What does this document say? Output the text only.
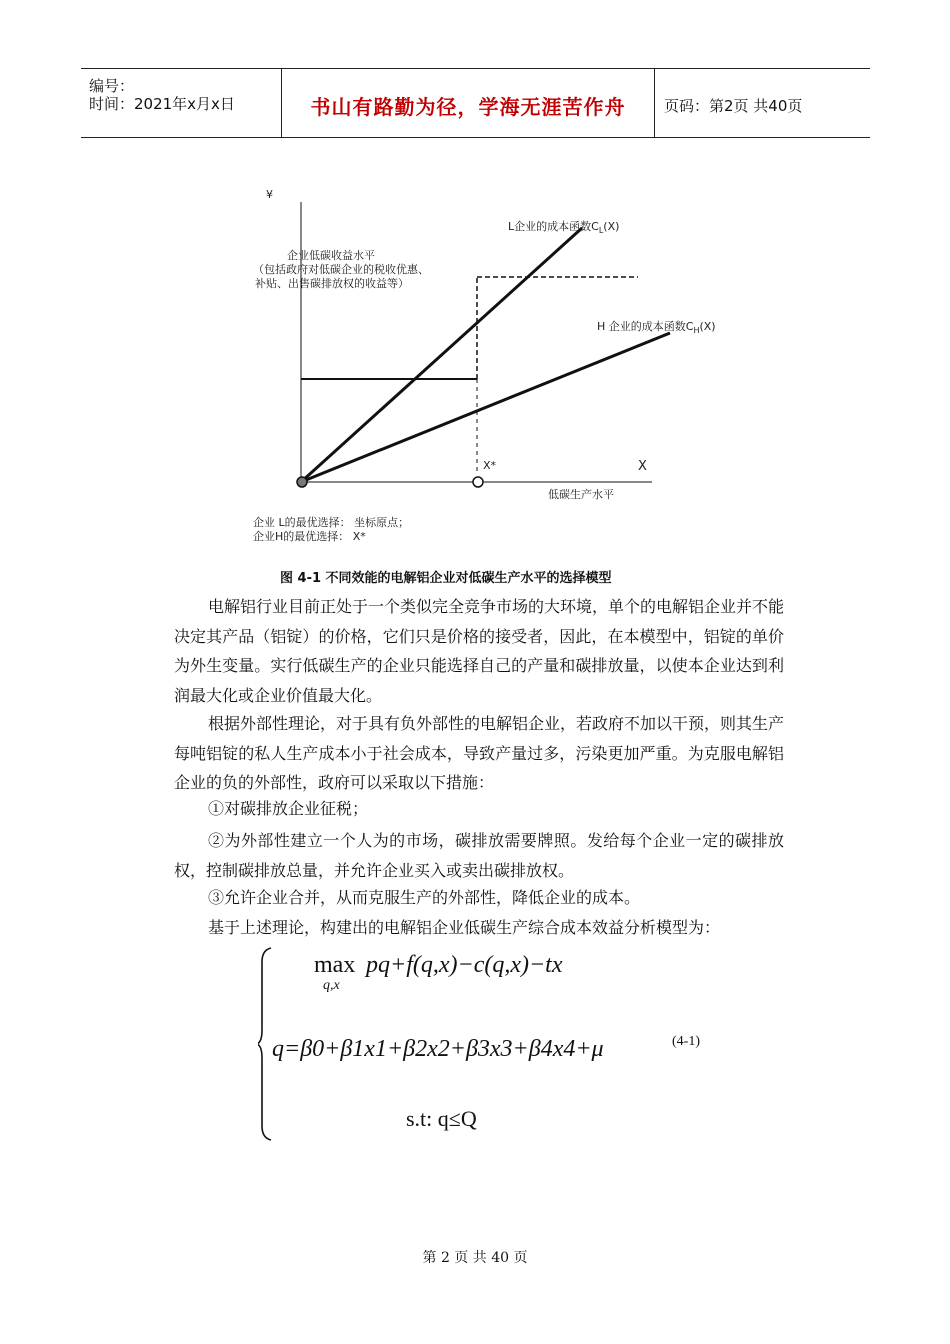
编号：
时间：2021年x月x日	书山有路勤为径，学海无涯苦作舟	页码：第2页 共40页
¥
X
X*
低碳生产水平
企业低碳收益水平
（包括政府对低碳企业的税收优惠、
补贴、出售碳排放权的收益等）
L企业的成本函数$C_L(X)$
H 企业的成本函数$C_H(X)$
企业 L的最优选择： 坐标原点；
企业H的最优选择： X*
图 4-1 不同效能的电解铝企业对低碳生产水平的选择模型
电解铝行业目前正处于一个类似完全竞争市场的大环境，单个的电解铝企业并不能决定其产品（铝锭）的价格，它们只是价格的接受者，因此，在本模型中，铝锭的单价为外生变量。实行低碳生产的企业只能选择自己的产量和碳排放量，以使本企业达到利润最大化或企业价值最大化。
根据外部性理论，对于具有负外部性的电解铝企业，若政府不加以干预，则其生产每吨铝锭的私人生产成本小于社会成本，导致产量过多，污染更加严重。为克服电解铝企业的负的外部性，政府可以采取以下措施：
①对碳排放企业征税；
②为外部性建立一个人为的市场，碳排放需要牌照。发给每个企业一定的碳排放权，控制碳排放总量，并允许企业买入或卖出碳排放权。
③允许企业合并，从而克服生产的外部性，降低企业的成本。
基于上述理论，构建出的电解铝企业低碳生产综合成本效益分析模型为：
max
q,x
pq+f(q,x)−c(q,x)−tx
q=β0+β1x1+β2x2+β3x3+β4x4+μ	(4-1)
s.t: q≤Q
第 2 页 共 40 页
